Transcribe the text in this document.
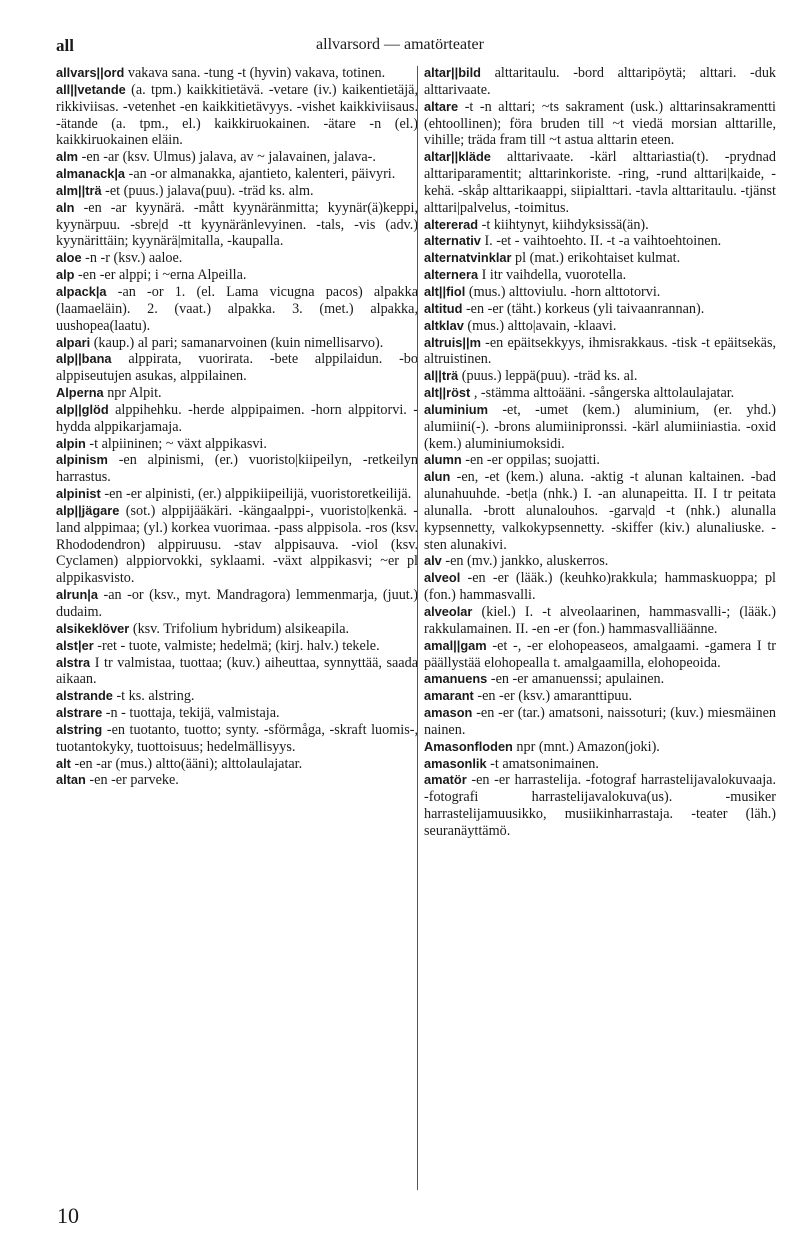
all	allvarsord — amatörteater

allvars||ord vakava sana. -tung -t (hyvin) vakava, totinen.

all||vetande (a. tpm.) kaikkitietävä. -vetare (iv.) kaikentietäjä, rikkiviisas. -vetenhet -en kaikkitietävyys. -vishet kaikkiviisaus. -ätande (a. tpm., el.) kaikkiruokainen. -ätare -n (el.) kaikkiruokainen eläin.

alm -en -ar (ksv. Ulmus) jalava, av ~ jalavainen, jalava-.

almanack|a -an -or almanakka, ajantieto, kalenteri, päivyri.

alm||trä -et (puus.) jalava(puu). -träd ks. alm.

aln -en -ar kyynärä. -mått kyynäränmitta; kyynär(ä)keppi, kyynärpuu. -sbre|d -tt kyynäränlevyinen. -tals, -vis (adv.) kyynärittäin; kyynärä|mitalla, -kaupalla.

aloe -n -r (ksv.) aaloe.

alp -en -er alppi; i ~erna Alpeilla.

alpack|a -an -or 1. (el. Lama vicugna pacos) alpakka (laamaeläin). 2. (vaat.) alpakka. 3. (met.) alpakka, uushopea(laatu).

alpari (kaup.) al pari; samanarvoinen (kuin nimellisarvo).

alp||bana alppirata, vuorirata. -bete alppilaidun. -bo alppiseutujen asukas, alppilainen.

Alperna npr Alpit.

alp||glöd alppihehku. -herde alppipaimen. -horn alppitorvi. -hydda alppikarjamaja.

alpin -t alpiininen; ~ växt alppikasvi.

alpinism -en alpinismi, (er.) vuoristo|kiipeilyn, -retkeilyn harrastus.

alpinist -en -er alpinisti, (er.) alppikiipeilijä, vuoristoretkeilijä.

alp||jägare (sot.) alppijääkäri. -kängaalppi-, vuoristo|kenkä. -land alppimaa; (yl.) korkea vuorimaa. -pass alppisola. -ros (ksv. Rhododendron) alppiruusu. -stav alppisauva. -viol (ksv. Cyclamen) alppiorvokki, syklaami. -växt alppikasvi; ~er pl alppikasvisto.

alrun|a -an -or (ksv., myt. Mandragora) lemmenmarja, (juut.) dudaim.

alsikeklöver (ksv. Trifolium hybridum) alsikeapila.

alst|er -ret - tuote, valmiste; hedelmä; (kirj. halv.) tekele.

alstra I tr valmistaa, tuottaa; (kuv.) aiheuttaa, synnyttää, saada aikaan.

alstrande -t ks. alstring.

alstrare -n - tuottaja, tekijä, valmistaja.

alstring -en tuotanto, tuotto; synty. -sförmåga, -skraft luomis-, tuotantokyky, tuottoisuus; hedelmällisyys.

alt -en -ar (mus.) altto(ääni); alttolaulajatar.

altan -en -er parveke.

altar||bild alttaritaulu. -bord alttaripöytä; alttari. -duk alttarivaate.

altare -t -n alttari; ~ts sakrament (usk.) alttarinsakramentti (ehtoollinen); föra bruden till ~t viedä morsian alttarille, vihille; träda fram till ~t astua alttarin eteen.

altar||kläde alttarivaate. -kärl alttariastia(t). -prydnad alttariparamentit; alttarinkoriste. -ring, -rund alttari|kaide, -kehä. -skåp alttarikaappi, siipialttari. -tavla alttaritaulu. -tjänst alttari|palvelus, -toimitus.

altererad -t kiihtynyt, kiihdyksissä(än).

alternativ I. -et - vaihtoehto. II. -t -a vaihtoehtoinen.

alternatvinklar pl (mat.) erikohtaiset kulmat.

alternera I itr vaihdella, vuorotella.

alt||fiol (mus.) alttoviulu. -horn alttotorvi.

altitud -en -er (täht.) korkeus (yli taivaanrannan).

altklav (mus.) altto|avain, -klaavi.

altruis||m -en epäitsekkyys, ihmisrakkaus. -tisk -t epäitsekäs, altruistinen.

al||trä (puus.) leppä(puu). -träd ks. al.

alt||röst , -stämma alttoääni. -sångerska alttolaulajatar.

aluminium -et, -umet (kem.) aluminium, (er. yhd.) alumiini(-). -brons alumiinipronssi. -kärl alumiiniastia. -oxid (kem.) aluminiumoksidi.

alumn -en -er oppilas; suojatti.

alun -en, -et (kem.) aluna. -aktig -t alunan kaltainen. -bad alunahuuhde. -bet|a (nhk.) I. -an alunapeitta. II. I tr peitata alunalla. -brott alunalouhos. -garva|d -t (nhk.) alunalla kypsennetty, valkokypsennetty. -skiffer (kiv.) alunaliuske. -sten alunakivi.

alv -en (mv.) jankko, aluskerros.

alveol -en -er (lääk.) (keuhko)rakkula; hammaskuoppa; pl (fon.) hammasvalli.

alveolar (kiel.) I. -t alveolaarinen, hammasvalli-; (lääk.) rakkulamainen. II. -en -er (fon.) hammasvalliäänne.

amal||gam -et -, -er elohopeaseos, amalgaami. -gamera I tr päällystää elohopealla t. amalgaamilla, elohopeoida.

amanuens -en -er amanuenssi; apulainen.

amarant -en -er (ksv.) amaranttipuu.

amason -en -er (tar.) amatsoni, naissoturi; (kuv.) miesmäinen nainen.

Amasonfloden npr (mnt.) Amazon(joki).

amasonlik -t amatsonimainen.

amatör -en -er harrastelija. -fotograf harrastelijavalokuvaaja. -fotografi harrastelijavalokuva(us). -musiker harrastelijamuusikko, musiikinharrastaja. -teater (läh.) seuranäyttämö.

10
